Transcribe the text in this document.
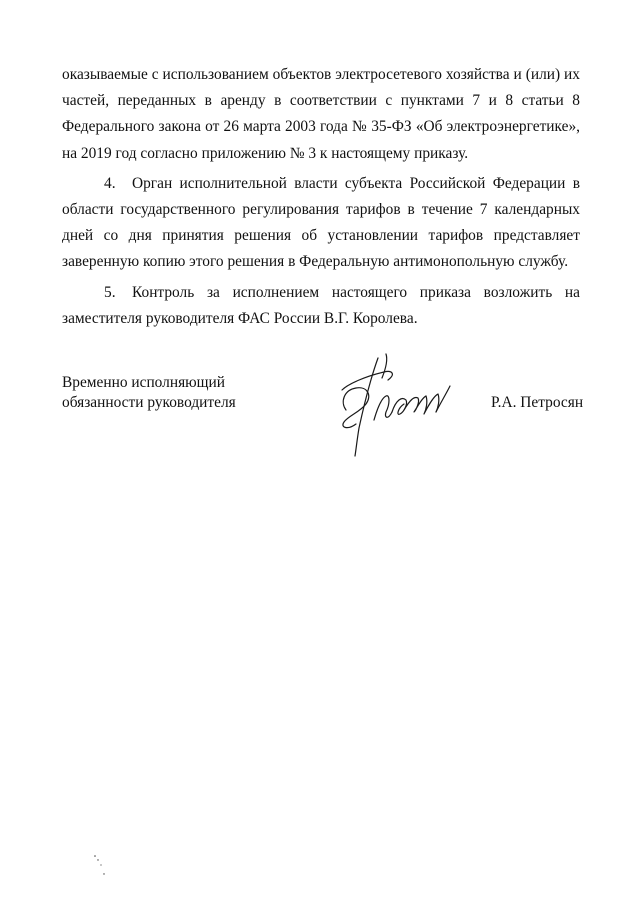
оказываемые с использованием объектов электросетевого хозяйства и (или) их частей, переданных в аренду в соответствии с пунктами 7 и 8 статьи 8 Федерального закона от 26 марта 2003 года № 35-ФЗ «Об электроэнергетике», на 2019 год согласно приложению № 3 к настоящему приказу.

4. Орган исполнительной власти субъекта Российской Федерации в области государственного регулирования тарифов в течение 7 календарных дней со дня принятия решения об установлении тарифов представляет заверенную копию этого решения в Федеральную антимонопольную службу.

5. Контроль за исполнением настоящего приказа возложить на заместителя руководителя ФАС России В.Г. Королева.

Временно исполняющий
обязанности руководителя	Р.А. Петросян
